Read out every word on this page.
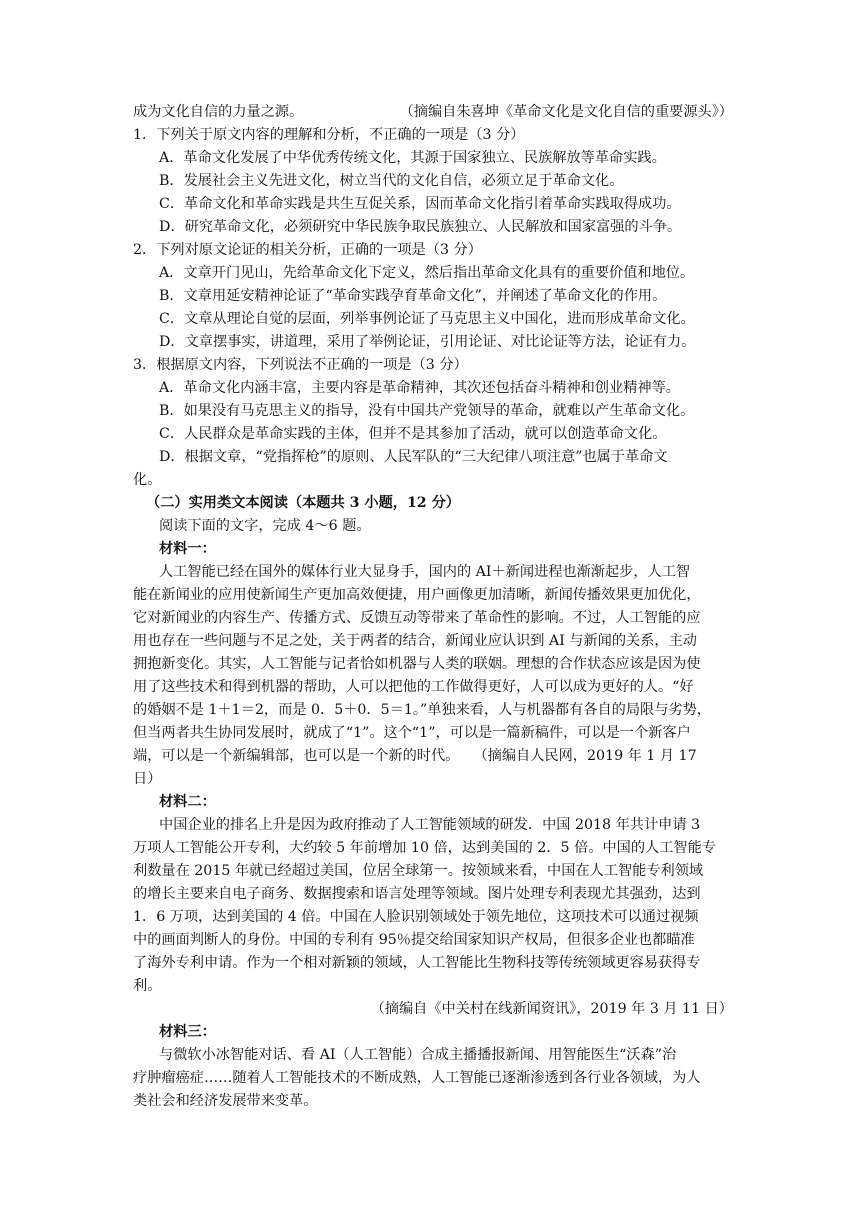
成为文化自信的力量之源。	（摘编自朱喜坤《革命文化是文化自信的重要源头》）
1．下列关于原文内容的理解和分析，不正确的一项是（3 分）
A．革命文化发展了中华优秀传统文化，其源于国家独立、民族解放等革命实践。
B．发展社会主义先进文化，树立当代的文化自信，必须立足于革命文化。
C．革命文化和革命实践是共生互促关系，因而革命文化指引着革命实践取得成功。
D．研究革命文化，必须研究中华民族争取民族独立、人民解放和国家富强的斗争。
2．下列对原文论证的相关分析，正确的一项是（3 分）
A．文章开门见山，先给革命文化下定义，然后指出革命文化具有的重要价值和地位。
B．文章用延安精神论证了“革命实践孕育革命文化”，并阐述了革命文化的作用。
C．文章从理论自觉的层面，列举事例论证了马克思主义中国化，进而形成革命文化。
D．文章摆事实，讲道理，采用了举例论证，引用论证、对比论证等方法，论证有力。
3．根据原文内容，下列说法不正确的一项是（3 分）
A．革命文化内涵丰富，主要内容是革命精神，其次还包括奋斗精神和创业精神等。
B．如果没有马克思主义的指导，没有中国共产党领导的革命，就难以产生革命文化。
C．人民群众是革命实践的主体，但并不是其参加了活动，就可以创造革命文化。
D．根据文章，“党指挥枪”的原则、人民军队的“三大纪律八项注意”也属于革命文
化。
（二）实用类文本阅读（本题共 3 小题，12 分）
阅读下面的文字，完成 4～6 题。
材料一：
人工智能已经在国外的媒体行业大显身手，国内的 AI＋新闻进程也渐渐起步，人工智
能在新闻业的应用使新闻生产更加高效便捷，用户画像更加清晰，新闻传播效果更加优化，
它对新闻业的内容生产、传播方式、反馈互动等带来了革命性的影响。不过，人工智能的应
用也存在一些问题与不足之处，关于两者的结合，新闻业应认识到 AI 与新闻的关系，主动
拥抱新变化。其实，人工智能与记者恰如机器与人类的联姻。理想的合作状态应该是因为使
用了这些技术和得到机器的帮助，人可以把他的工作做得更好，人可以成为更好的人。“好
的婚姻不是 1＋1＝2，而是 0．5＋0．5＝1。”单独来看，人与机器都有各自的局限与劣势，
但当两者共生协同发展时，就成了“1”。这个“1”，可以是一篇新稿件，可以是一个新客户
端，可以是一个新编辑部，也可以是一个新的时代。　　（摘编自人民网，2019 年 1 月 17
日）
材料二：
中国企业的排名上升是因为政府推动了人工智能领域的研发．中国 2018 年共计申请 3
万项人工智能公开专利，大约较 5 年前增加 10 倍，达到美国的 2．5 倍。中国的人工智能专
利数量在 2015 年就已经超过美国，位居全球第一。按领域来看，中国在人工智能专利领域
的增长主要来自电子商务、数据搜索和语言处理等领域。图片处理专利表现尤其强劲，达到
1．6 万项，达到美国的 4 倍。中国在人脸识别领域处于领先地位，这项技术可以通过视频
中的画面判断人的身份。中国的专利有 95％提交给国家知识产权局，但很多企业也都瞄准
了海外专利申请。作为一个相对新颖的领域，人工智能比生物科技等传统领域更容易获得专
利。
（摘编自《中关村在线新闻资讯》，2019 年 3 月 11 日）
材料三：
与微软小冰智能对话、看 AI（人工智能）合成主播播报新闻、用智能医生“沃森”治
疗肿瘤癌症……随着人工智能技术的不断成熟，人工智能已逐渐渗透到各行业各领域，为人
类社会和经济发展带来变革。
